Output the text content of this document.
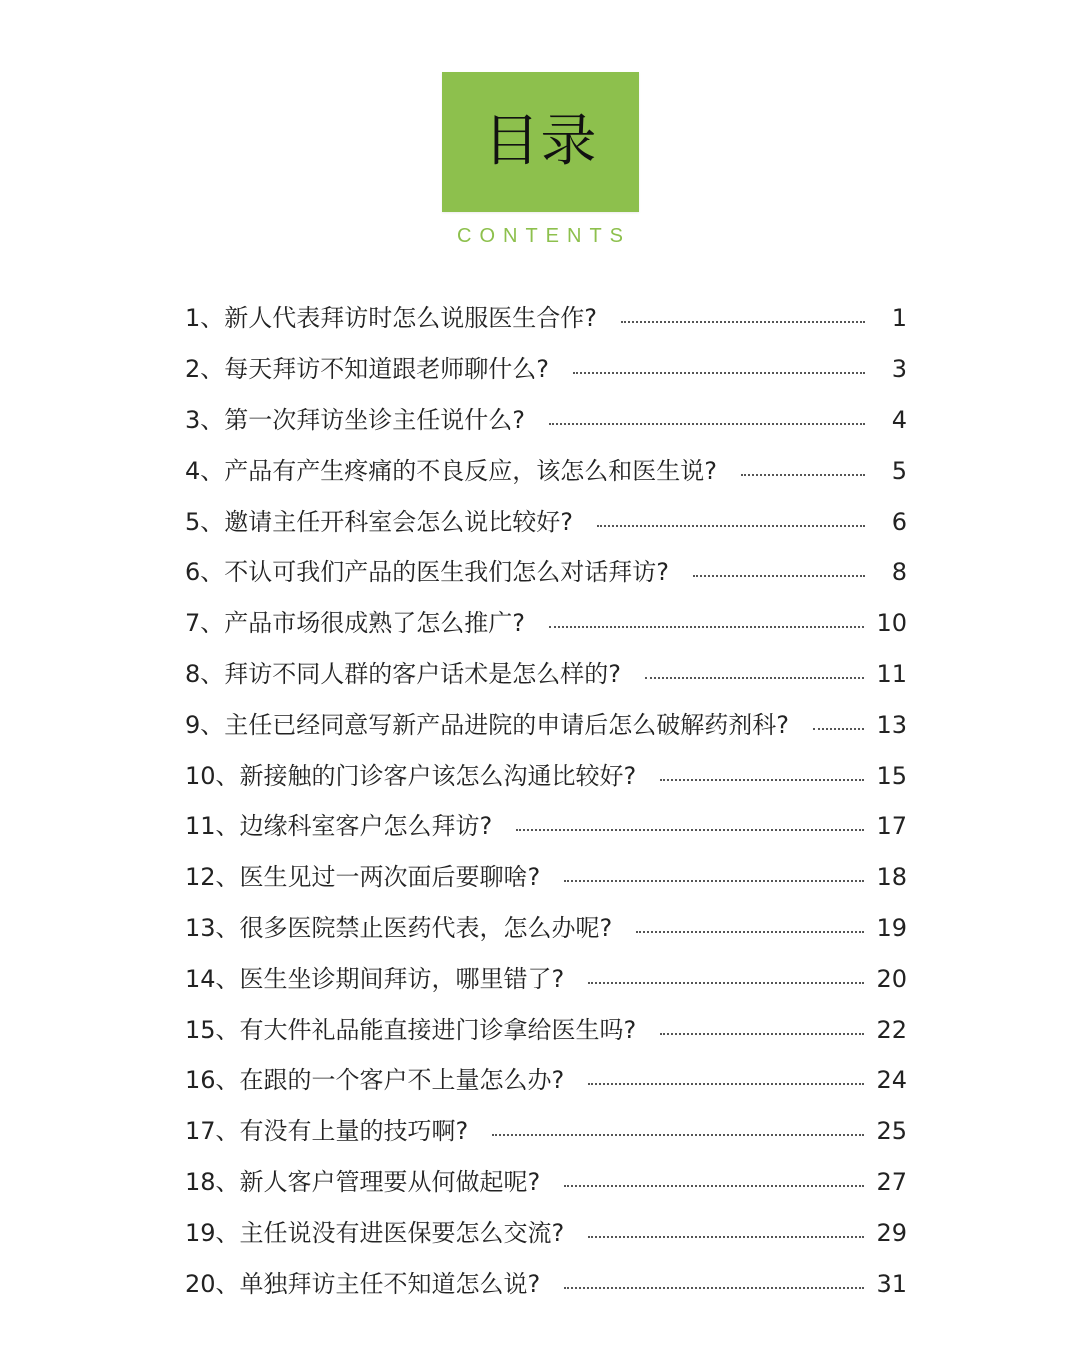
目录
CONTENTS
1、新人代表拜访时怎么说服医生合作?	1
2、每天拜访不知道跟老师聊什么?	3
3、第一次拜访坐诊主任说什么?	4
4、产品有产生疼痛的不良反应，该怎么和医生说?	5
5、邀请主任开科室会怎么说比较好?	6
6、不认可我们产品的医生我们怎么对话拜访?	8
7、产品市场很成熟了怎么推广?	10
8、拜访不同人群的客户话术是怎么样的?	11
9、主任已经同意写新产品进院的申请后怎么破解药剂科?	13
10、新接触的门诊客户该怎么沟通比较好?	15
11、边缘科室客户怎么拜访?	17
12、医生见过一两次面后要聊啥?	18
13、很多医院禁止医药代表，怎么办呢?	19
14、医生坐诊期间拜访，哪里错了?	20
15、有大件礼品能直接进门诊拿给医生吗?	22
16、在跟的一个客户不上量怎么办?	24
17、有没有上量的技巧啊?	25
18、新人客户管理要从何做起呢?	27
19、主任说没有进医保要怎么交流?	29
20、单独拜访主任不知道怎么说?	31
